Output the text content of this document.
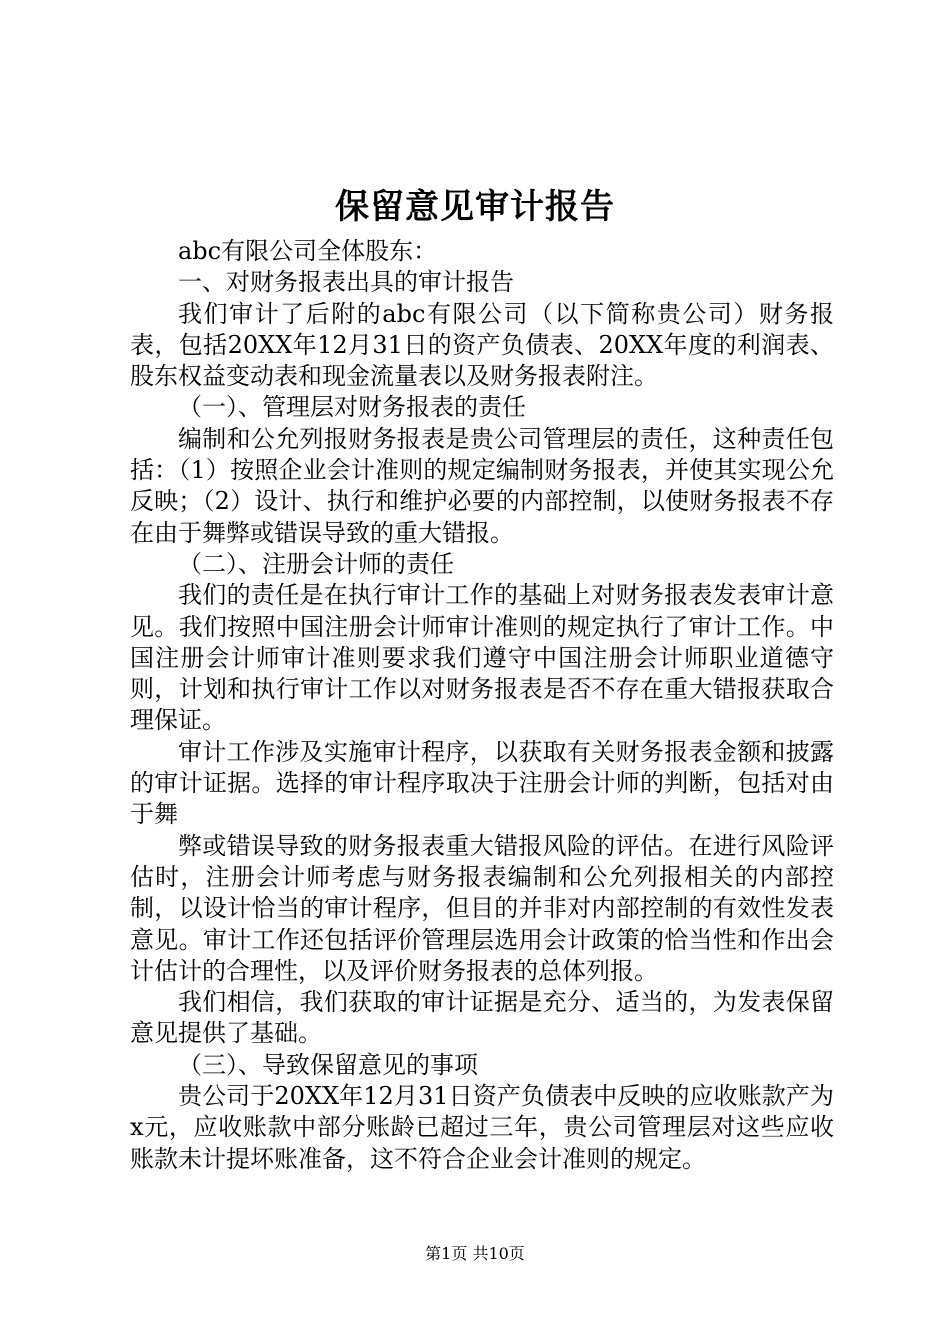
保留意见审计报告

abc有限公司全体股东：

一、对财务报表出具的审计报告

我们审计了后附的abc有限公司（以下简称贵公司）财务报表，包括20XX年12月31日的资产负债表、20XX年度的利润表、股东权益变动表和现金流量表以及财务报表附注。

（一）、管理层对财务报表的责任

编制和公允列报财务报表是贵公司管理层的责任，这种责任包括：（1）按照企业会计准则的规定编制财务报表，并使其实现公允反映；（2）设计、执行和维护必要的内部控制，以使财务报表不存在由于舞弊或错误导致的重大错报。

（二）、注册会计师的责任

我们的责任是在执行审计工作的基础上对财务报表发表审计意见。我们按照中国注册会计师审计准则的规定执行了审计工作。中国注册会计师审计准则要求我们遵守中国注册会计师职业道德守则，计划和执行审计工作以对财务报表是否不存在重大错报获取合理保证。

审计工作涉及实施审计程序，以获取有关财务报表金额和披露的审计证据。选择的审计程序取决于注册会计师的判断，包括对由于舞

弊或错误导致的财务报表重大错报风险的评估。在进行风险评估时，注册会计师考虑与财务报表编制和公允列报相关的内部控制，以设计恰当的审计程序，但目的并非对内部控制的有效性发表意见。审计工作还包括评价管理层选用会计政策的恰当性和作出会计估计的合理性，以及评价财务报表的总体列报。

我们相信，我们获取的审计证据是充分、适当的，为发表保留意见提供了基础。

（三）、导致保留意见的事项

贵公司于20XX年12月31日资产负债表中反映的应收账款产为x元，应收账款中部分账龄已超过三年，贵公司管理层对这些应收账款未计提坏账准备，这不符合企业会计准则的规定。

第1页 共10页
